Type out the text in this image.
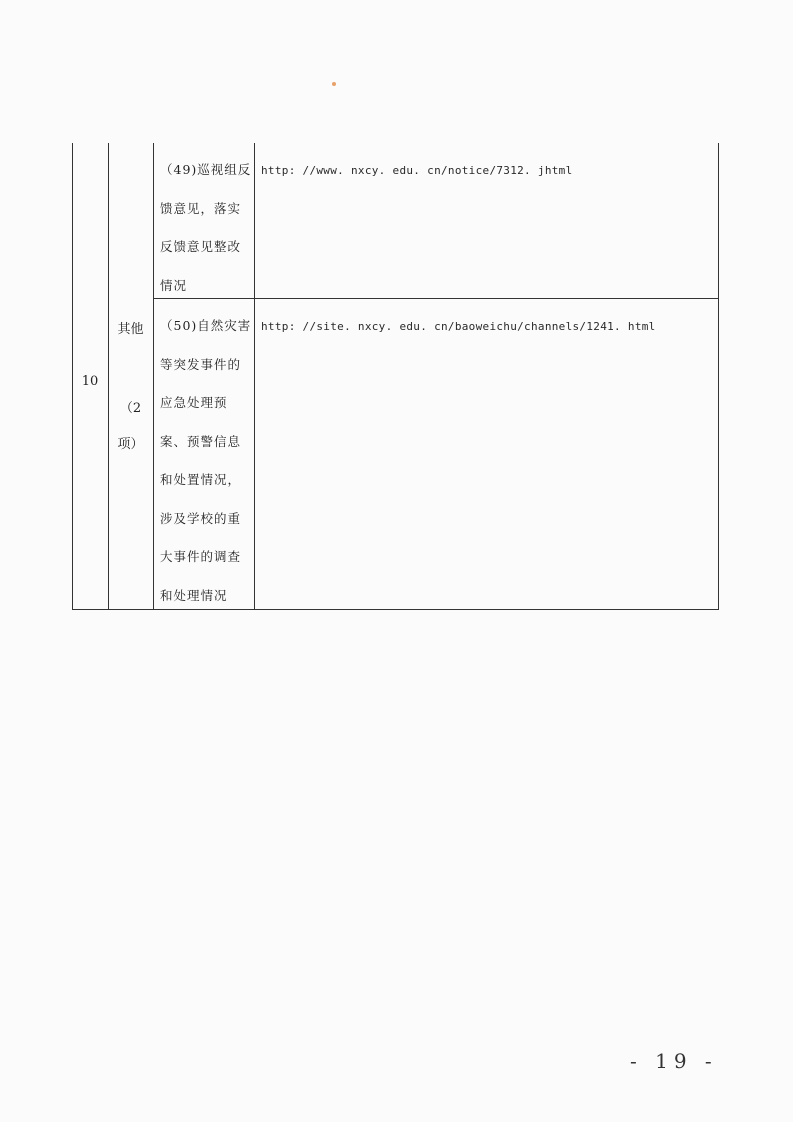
10
其他
（2
项）
（49)巡视组反馈意见，落实反馈意见整改情况
http: //www. nxcy. edu. cn/notice/7312. jhtml
（50)自然灾害等突发事件的应急处理预案、预警信息和处置情况，涉及学校的重大事件的调查和处理情况
http: //site. nxcy. edu. cn/baoweichu/channels/1241. html
- 19 -
